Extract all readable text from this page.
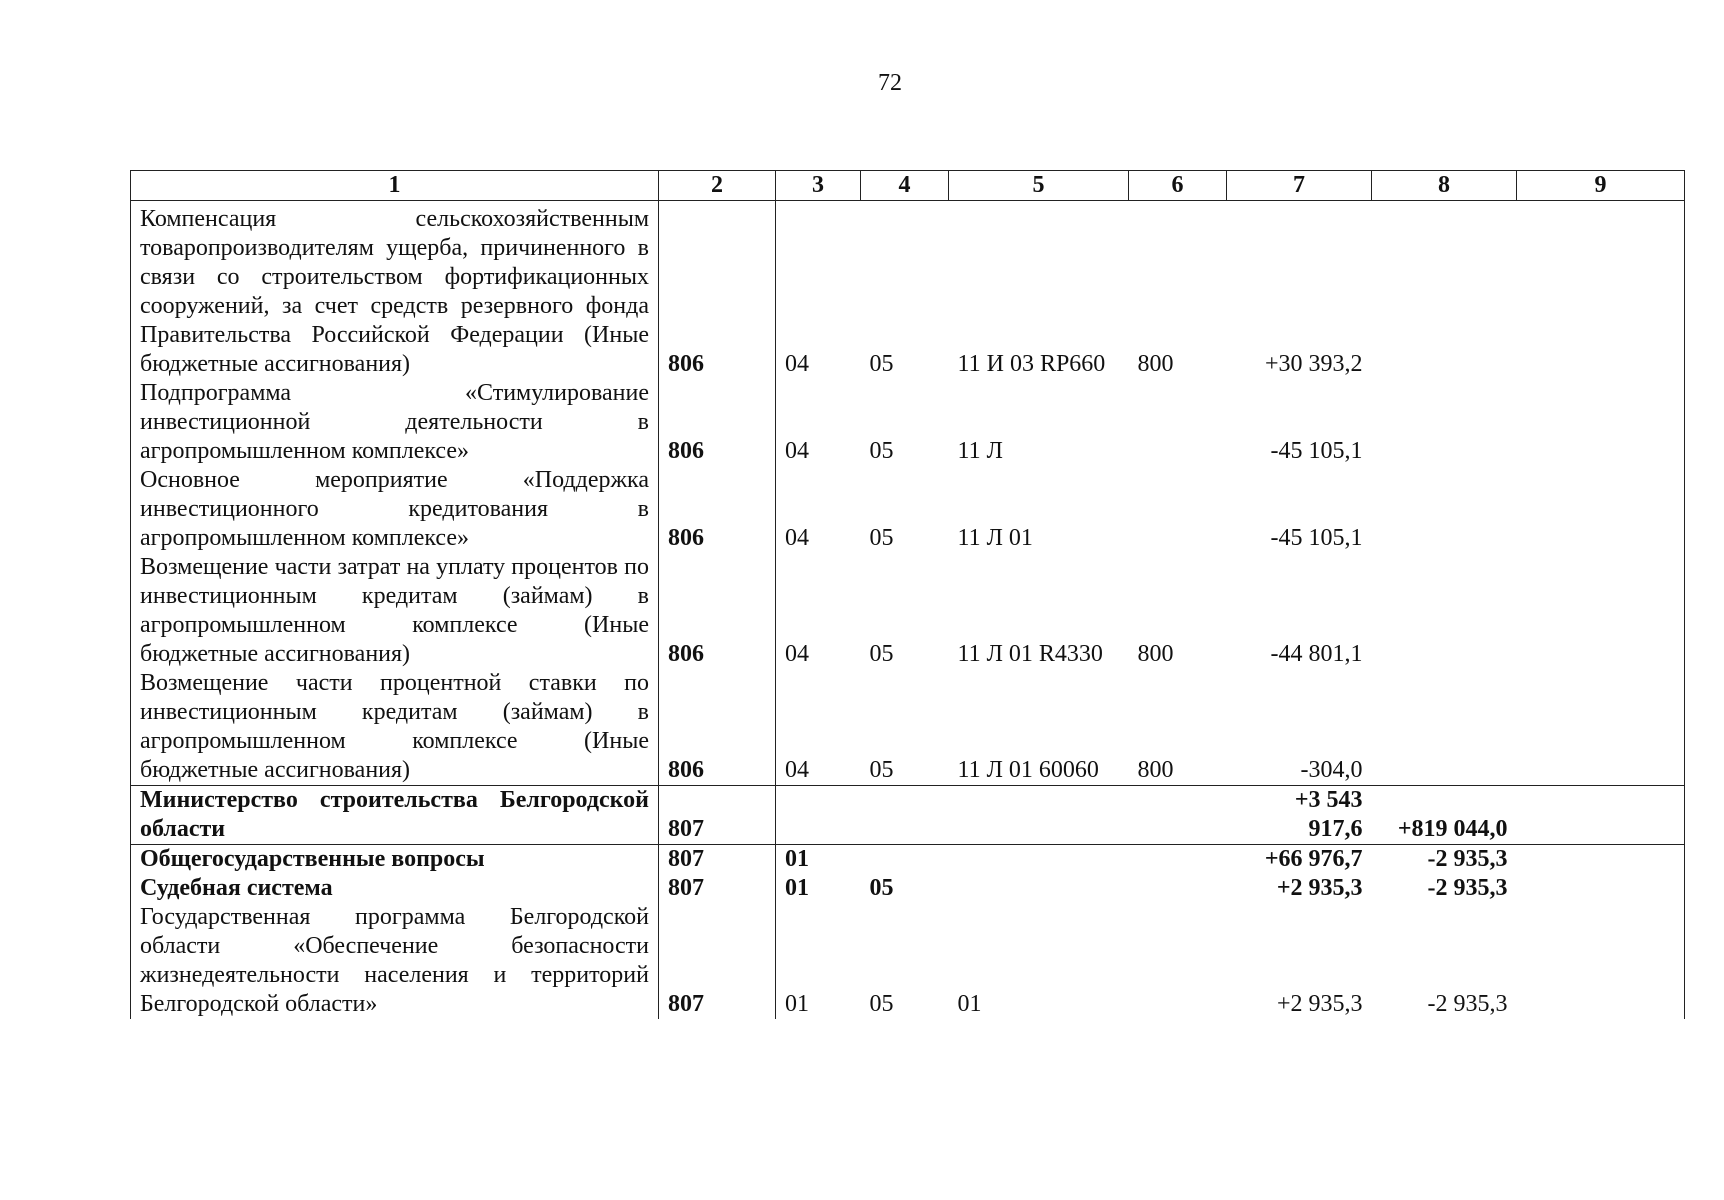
72
1	2	3	4	5	6	7	8	9
Компенсация сельскохозяйственным товаропроизводителям ущерба, причиненного в связи со строительством фортификационных сооружений, за счет средств резервного фонда Правительства Российской Федерации (Иные бюджетные ассигнования)	806	04	05	11 И 03 RP660	800	+30 393,2		
Подпрограмма «Стимулирование инвестиционной деятельности в агропромышленном комплексе»	806	04	05	11 Л		-45 105,1		
Основное мероприятие «Поддержка инвестиционного кредитования в агропромышленном комплексе»	806	04	05	11 Л 01		-45 105,1		
Возмещение части затрат на уплату процентов по инвестиционным кредитам (займам) в агропромышленном комплексе (Иные бюджетные ассигнования)	806	04	05	11 Л 01 R4330	800	-44 801,1		
Возмещение части процентной ставки по инвестиционным кредитам (займам) в агропромышленном комплексе (Иные бюджетные ассигнования)	806	04	05	11 Л 01 60060	800	-304,0		
Министерство строительства Белгородской области	807					+3 543 917,6	+819 044,0	
Общегосударственные вопросы	807	01				+66 976,7	-2 935,3	
Судебная система	807	01	05			+2 935,3	-2 935,3	
Государственная программа Белгородской области «Обеспечение безопасности жизнедеятельности населения и территорий Белгородской области»	807	01	05	01		+2 935,3	-2 935,3	
